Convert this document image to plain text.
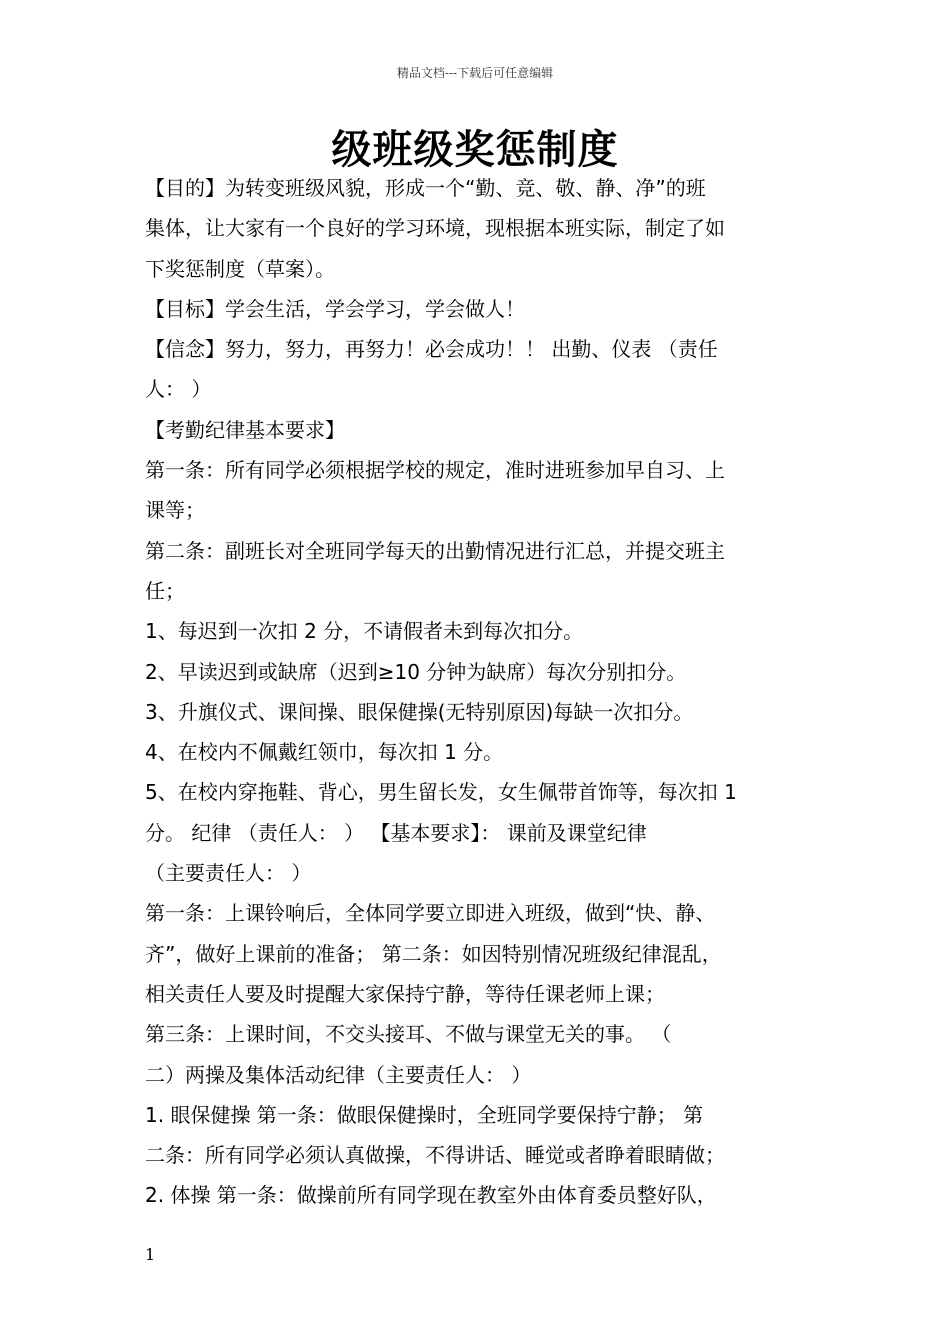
精品文档---下载后可任意编辑
级班级奖惩制度
【目的】为转变班级风貌，形成一个“勤、竞、敬、静、净”的班
集体，让大家有一个良好的学习环境，现根据本班实际，制定了如
下奖惩制度（草案）。
【目标】学会生活，学会学习，学会做人！
【信念】努力，努力，再努力！必会成功！！ 出勤、仪表 （责任
人： ）
【考勤纪律基本要求】
第一条：所有同学必须根据学校的规定，准时进班参加早自习、上
课等；
第二条：副班长对全班同学每天的出勤情况进行汇总，并提交班主
任；
1、每迟到一次扣 2 分，不请假者未到每次扣分。
2、早读迟到或缺席（迟到≥10 分钟为缺席）每次分别扣分。
3、升旗仪式、课间操、眼保健操(无特别原因)每缺一次扣分。
4、在校内不佩戴红领巾，每次扣 1 分。
5、在校内穿拖鞋、背心，男生留长发，女生佩带首饰等，每次扣 1
分。 纪律 （责任人： ） 【基本要求】： 课前及课堂纪律
（主要责任人： ）
第一条：上课铃响后，全体同学要立即进入班级，做到“快、静、
齐”，做好上课前的准备； 第二条：如因特别情况班级纪律混乱，
相关责任人要及时提醒大家保持宁静，等待任课老师上课；
第三条：上课时间，不交头接耳、不做与课堂无关的事。 （
二）两操及集体活动纪律（主要责任人： ）
1. 眼保健操 第一条：做眼保健操时，全班同学要保持宁静； 第
二条：所有同学必须认真做操，不得讲话、睡觉或者睁着眼睛做；
2. 体操 第一条：做操前所有同学现在教室外由体育委员整好队，
1
